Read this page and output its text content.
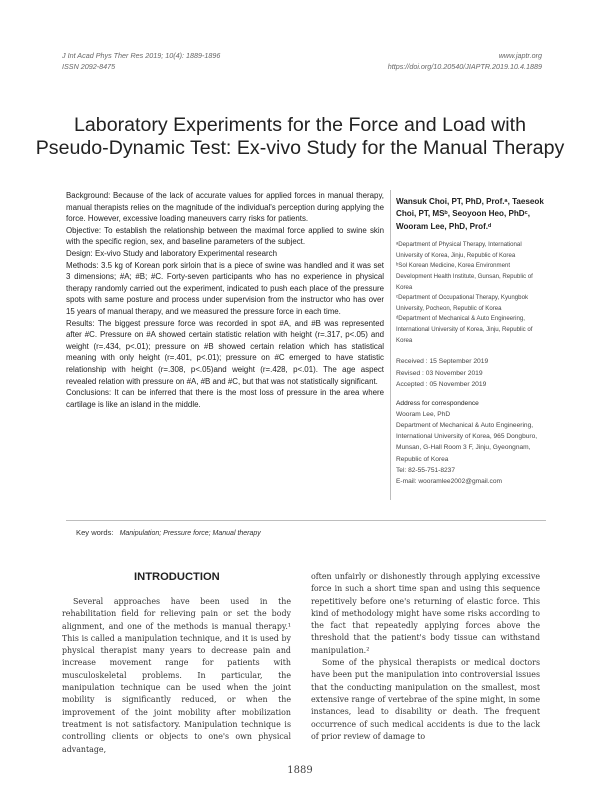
J Int Acad Phys Ther Res 2019; 10(4): 1889-1896
ISSN 2092-8475
www.japtr.org
https://doi.org/10.20540/JIAPTR.2019.10.4.1889
Laboratory Experiments for the Force and Load with
Pseudo-Dynamic Test: Ex-vivo Study for the Manual Therapy

Background: Because of the lack of accurate values for applied forces in manual therapy, manual therapists relies on the magnitude of the individual's perception during applying the force. However, excessive loading maneuvers carry risks for patients.

Objective: To establish the relationship between the maximal force applied to swine skin with the specific region, sex, and baseline parameters of the subject.

Design: Ex-vivo Study and laboratory Experimental research

Methods: 3.5 kg of Korean pork sirloin that is a piece of swine was handled and it was set 3 dimensions; #A; #B; #C. Forty-seven participants who has no experience in physical therapy randomly carried out the experiment, indicated to push each place of the pressure spots with same posture and process under supervision from the instructor who has over 15 years of manual therapy, and we measured the pressure force in each time.

Results: The biggest pressure force was recorded in spot #A, and #B was represented after #C. Pressure on #A showed certain statistic relation with height (r=.317, p<.05) and weight (r=.434, p<.01); pressure on #B showed certain relation which has statistical meaning with only height (r=.401, p<.01); pressure on #C emerged to have statistic relationship with height (r=.308, p<.05)and weight (r=.428, p<.01). The age aspect revealed relation with pressure on #A, #B and #C, but that was not statistically significant.

Conclusions: It can be inferred that there is the most loss of pressure in the area where cartilage is like an island in the middle.

Wansuk Choi, PT, PhD, Prof.ᵃ, Taeseok Choi, PT, MSᵇ, Seoyoon Heo, PhDᶜ, Wooram Lee, PhD, Prof.ᵈ

ᵃDepartment of Physical Therapy, International University of Korea, Jinju, Republic of Korea

ᵇSol Korean Medicine, Korea Environment Development Health Institute, Gunsan, Republic of Korea

ᶜDepartment of Occupational Therapy, Kyungbok University, Pocheon, Republic of Korea

ᵈDepartment of Mechanical & Auto Engineering, International University of Korea, Jinju, Republic of Korea

Received : 15 September 2019

Revised : 03 November 2019

Accepted : 05 November 2019

Address for correspondence

Wooram Lee, PhD

Department of Mechanical & Auto Engineering, International University of Korea, 965 Dongburo, Munsan, G-Hall Room 3 F, Jinju, Gyeongnam, Republic of Korea

Tel: 82-55-751-8237

E-mail: wooramlee2002@gmail.com

Key words: Manipulation; Pressure force; Manual therapy
INTRODUCTION

Several approaches have been used in the rehabilitation field for relieving pain or set the body alignment, and one of the methods is manual therapy.¹ This is called a manipulation technique, and it is used by physical therapist many years to decrease pain and increase movement range for patients with musculoskeletal problems. In particular, the manipulation technique can be used when the joint mobility is significantly reduced, or when the improvement of the joint mobility after mobilization treatment is not satisfactory. Manipulation technique is controlling clients or objects to one's own physical advantage,

often unfairly or dishonestly through applying excessive force in such a short time span and using this sequence repetitively before one's returning of elastic force. This kind of methodology might have some risks according to the fact that repeatedly applying forces above the threshold that the patient's body tissue can withstand manipulation.²

Some of the physical therapists or medical doctors have been put the manipulation into controversial issues that the conducting manipulation on the smallest, most extensive range of vertebrae of the spine might, in some instances, lead to disability or death. The frequent occurrence of such medical accidents is due to the lack of prior review of damage to

1889
